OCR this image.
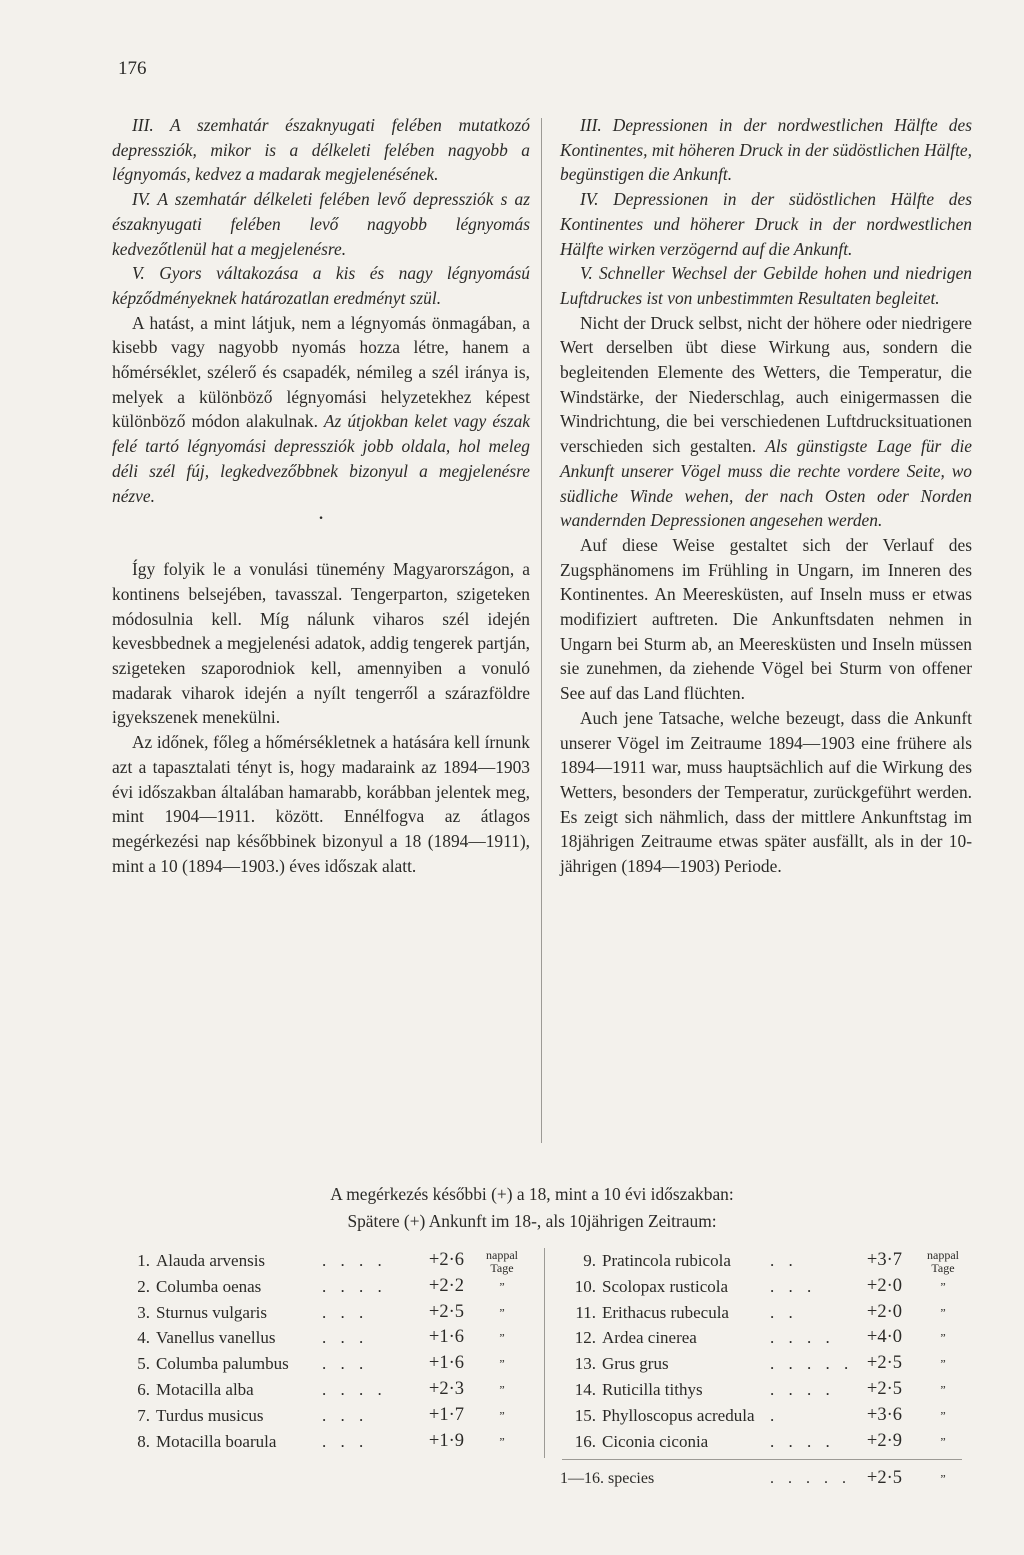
176

III. A szemhatár északnyugati felében mutatkozó depressziók, mikor is a délkeleti felében nagyobb a légnyomás, kedvez a madarak megjelenésének.

IV. A szemhatár délkeleti felében levő depressziók s az északnyugati felében levő nagyobb légnyomás kedvezőtlenül hat a megjelenésre.

V. Gyors váltakozása a kis és nagy légnyomású képződményeknek határozatlan eredményt szül.

A hatást, a mint látjuk, nem a légnyomás önmagában, a kisebb vagy nagyobb nyomás hozza létre, hanem a hőmérséklet, szélerő és csapadék, némileg a szél iránya is, melyek a különböző légnyomási helyzetekhez képest különböző módon alakulnak. Az útjokban kelet vagy észak felé tartó légnyomási depressziók jobb oldala, hol meleg déli szél fúj, legkedvezőbbnek bizonyul a megjelenésre nézve.

·

Így folyik le a vonulási tünemény Magyarországon, a kontinens belsejében, tavasszal. Tengerparton, szigeteken módosulnia kell. Míg nálunk viharos szél idején kevesbbednek a megjelenési adatok, addig tengerek partján, szigeteken szaporodniok kell, amennyiben a vonuló madarak viharok idején a nyílt tengerről a szárazföldre igyekszenek menekülni.

Az időnek, főleg a hőmérsékletnek a hatására kell írnunk azt a tapasztalati tényt is, hogy madaraink az 1894—1903 évi időszakban általában hamarabb, korábban jelentek meg, mint 1904—1911. között. Ennélfogva az átlagos megérkezési nap későbbinek bizonyul a 18 (1894—1911), mint a 10 (1894—1903.) éves időszak alatt.

III. Depressionen in der nordwestlichen Hälfte des Kontinentes, mit höheren Druck in der südöstlichen Hälfte, begünstigen die Ankunft.

IV. Depressionen in der südöstlichen Hälfte des Kontinentes und höherer Druck in der nordwestlichen Hälfte wirken verzögernd auf die Ankunft.

V. Schneller Wechsel der Gebilde hohen und niedrigen Luftdruckes ist von unbestimmten Resultaten begleitet.

Nicht der Druck selbst, nicht der höhere oder niedrigere Wert derselben übt diese Wirkung aus, sondern die begleitenden Elemente des Wetters, die Temperatur, die Windstärke, der Niederschlag, auch einigermassen die Windrichtung, die bei verschiedenen Luftdrucksituationen verschieden sich gestalten. Als günstigste Lage für die Ankunft unserer Vögel muss die rechte vordere Seite, wo südliche Winde wehen, der nach Osten oder Norden wandernden Depressionen angesehen werden.

Auf diese Weise gestaltet sich der Verlauf des Zugsphänomens im Frühling in Ungarn, im Inneren des Kontinentes. An Meeresküsten, auf Inseln muss er etwas modifiziert auftreten. Die Ankunftsdaten nehmen in Ungarn bei Sturm ab, an Meeresküsten und Inseln müssen sie zunehmen, da ziehende Vögel bei Sturm von offener See auf das Land flüchten.

Auch jene Tatsache, welche bezeugt, dass die Ankunft unserer Vögel im Zeitraume 1894—1903 eine frühere als 1894—1911 war, muss hauptsächlich auf die Wirkung des Wetters, besonders der Temperatur, zurückgeführt werden. Es zeigt sich nähmlich, dass der mittlere Ankunftstag im 18jährigen Zeitraume etwas später ausfällt, als in der 10-jährigen (1894—1903) Periode.

A megérkezés későbbi (+) a 18, mint a 10 évi időszakban:
Spätere (+) Ankunft im 18-, als 10jährigen Zeitraum:
1. Alauda arvensis	. . . .	+2·6	nappal
Tage
2. Columba oenas	. . . .	+2·2	„
3. Sturnus vulgaris	. . .	+2·5	„
4. Vanellus vanellus	. . .	+1·6	„
5. Columba palumbus . . .	+1·6	„
6. Motacilla alba	. . . .	+2·3	„
7. Turdus musicus	. . .	+1·7	„
8. Motacilla boarula	. . .	+1·9	„
9. Pratincola rubicola . .	+3·7	nappal
Tage
10. Scolopax rusticola . . .	+2·0	„
11. Erithacus rubecula . .	+2·0	„
12. Ardea cinerea	. . . .	+4·0	„
13. Grus grus	. . . . . +2·5	„
14. Ruticilla tithys	. . . .	+2·5	„
15. Phylloscopus acredula .	+3·6	„
16. Ciconia ciconia	. . . .	+2·9	„
1—16. species	. . . . . +2·5	„
